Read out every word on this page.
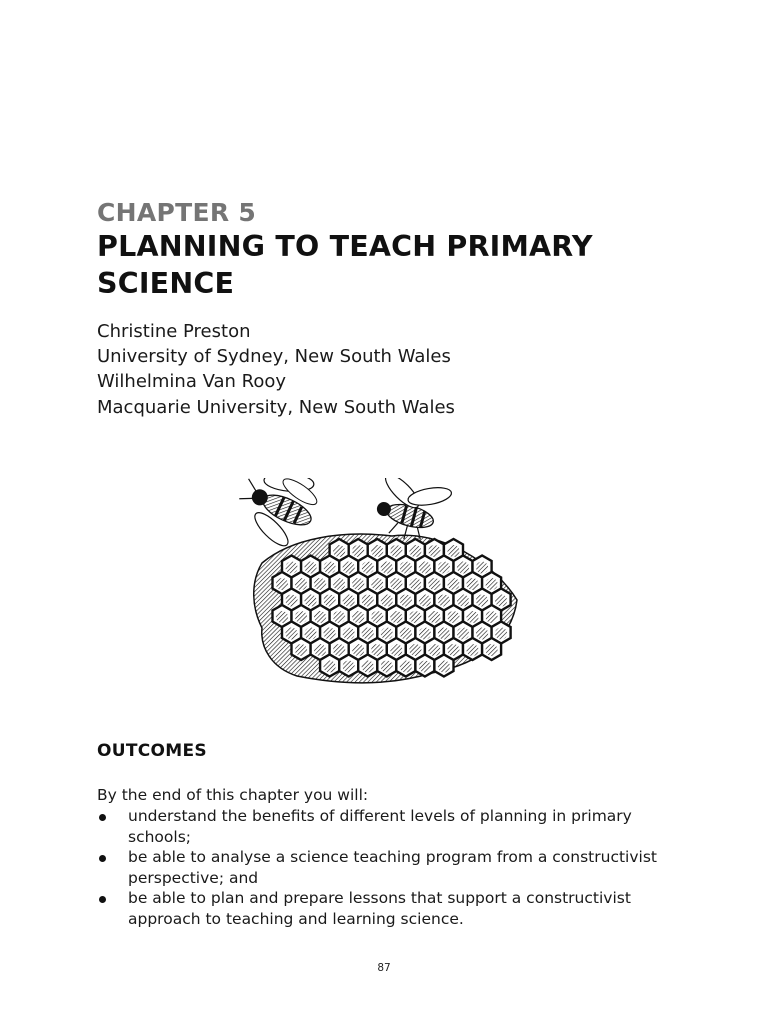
CHAPTER 5
PLANNING TO TEACH PRIMARY SCIENCE
Christine Preston
University of Sydney, New South Wales
Wilhelmina Van Rooy
Macquarie University, New South Wales
OUTCOMES
By the end of this chapter you will:
understand the benefits of different levels of planning in primary schools;
be able to analyse a science teaching program from a constructivist perspective; and
be able to plan and prepare lessons that support a constructivist approach to teaching and learning science.
87
